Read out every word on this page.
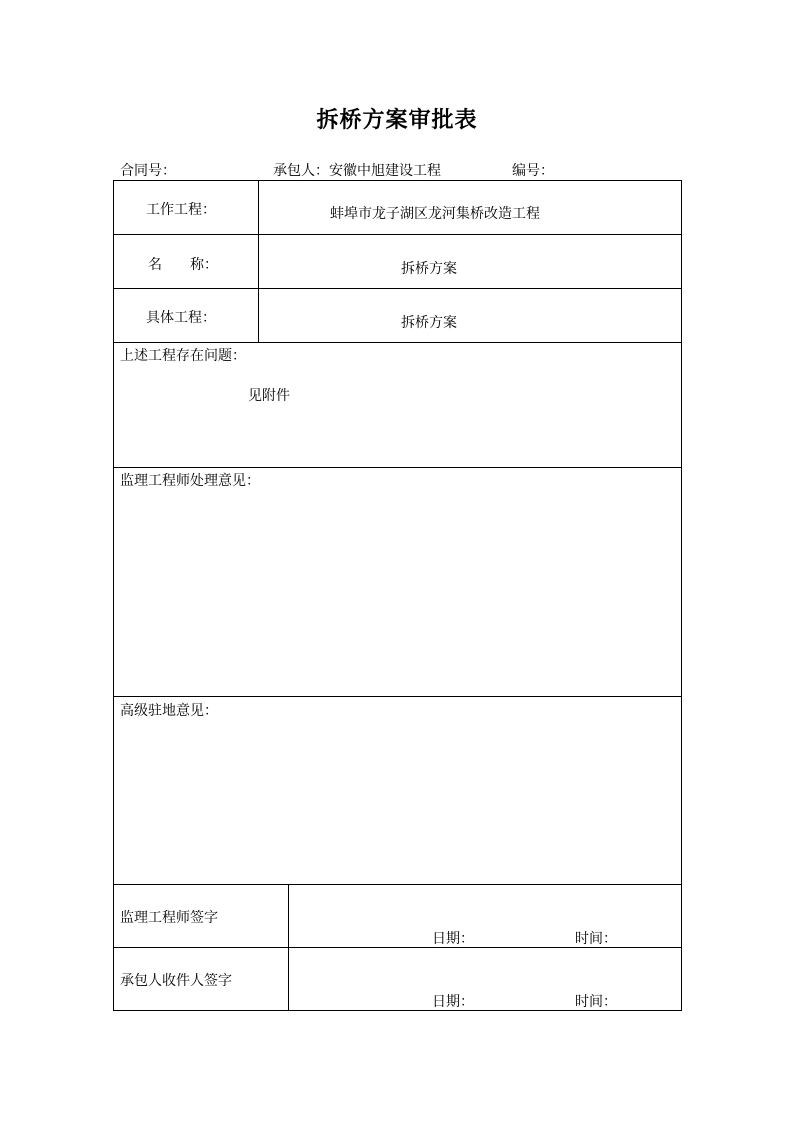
拆桥方案审批表
合同号：	承包人：安徽中旭建设工程	编号：
工作工程：	蚌埠市龙子湖区龙河集桥改造工程
名　　称：	拆桥方案
具体工程：	拆桥方案
上述工程存在问题：
见附件
监理工程师处理意见：
高级驻地意见：
监理工程师签字
日期：	时间：
承包人收件人签字
日期：	时间：
